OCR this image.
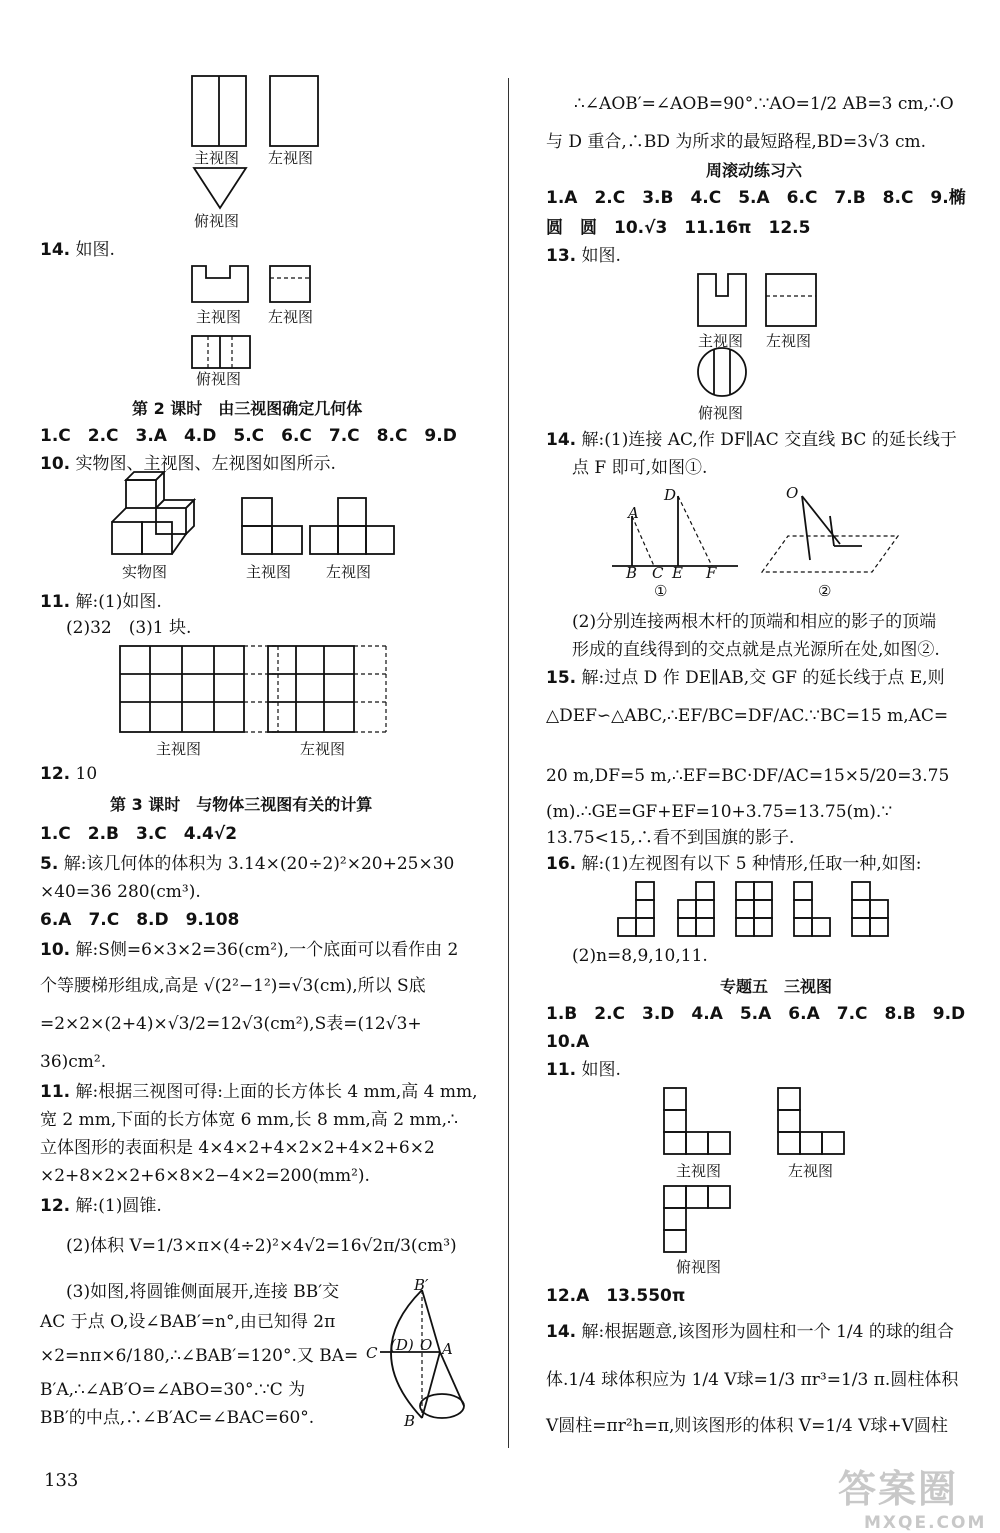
主视图 左视图
俯视图
14. 如图.
主视图 左视图
俯视图
第 2 课时　由三视图确定几何体
1.C　2.C　3.A　4.D　5.C　6.C　7.C　8.C　9.D
10. 实物图、主视图、左视图如图所示.
实物图	主视图 左视图
11. 解:(1)如图.
(2)32　(3)1 块.
主视图	左视图
12. 10
第 3 课时　与物体三视图有关的计算
1.C　2.B　3.C　4.4√2
5. 解:该几何体的体积为 3.14×(20÷2)²×20+25×30
×40=36 280(cm³).
6.A　7.C　8.D　9.108
10. 解:S侧=6×3×2=36(cm²),一个底面可以看作由 2
个等腰梯形组成,高是 √(2²−1²)=√3(cm),所以 S底
=2×2×(2+4)×√3/2=12√3(cm²),S表=(12√3+
36)cm².
11. 解:根据三视图可得:上面的长方体长 4 mm,高 4 mm,
宽 2 mm,下面的长方体宽 6 mm,长 8 mm,高 2 mm,∴
立体图形的表面积是 4×4×2+4×2×2+4×2+6×2
×2+8×2×2+6×8×2−4×2=200(mm²).
12. 解:(1)圆锥.
(2)体积 V=1/3×π×(4÷2)²×4√2=16√2π/3(cm³)
(3)如图,将圆锥侧面展开,连接 BB′交
AC 于点 O,设∠BAB′=n°,由已知得 2π
×2=nπ×6/180,∴∠BAB′=120°.又 BA=
B′A,∴∠AB′O=∠ABO=30°.∵C 为
BB′的中点,∴∠B′AC=∠BAC=60°.
B′
C (D) O A
B
∴∠AOB′=∠AOB=90°.∵AO=1/2 AB=3 cm,∴O
与 D 重合,∴BD 为所求的最短路程,BD=3√3 cm.
周滚动练习六
1.A　2.C　3.B　4.C　5.A　6.C　7.B　8.C　9.椭
圆　圆　10.√3　11.16π　12.5
13. 如图.
主视图 左视图
俯视图
14. 解:(1)连接 AC,作 DF∥AC 交直线 BC 的延长线于
点 F 即可,如图①.
D
A
B C E F
O
①	②
(2)分别连接两根木杆的顶端和相应的影子的顶端
形成的直线得到的交点就是点光源所在处,如图②.
15. 解:过点 D 作 DE∥AB,交 GF 的延长线于点 E,则
△DEF∽△ABC,∴EF/BC=DF/AC.∵BC=15 m,AC=
20 m,DF=5 m,∴EF=BC·DF/AC=15×5/20=3.75
(m).∴GE=GF+EF=10+3.75=13.75(m).∵
13.75<15,∴看不到国旗的影子.
16. 解:(1)左视图有以下 5 种情形,任取一种,如图:
(2)n=8,9,10,11.
专题五　三视图
1.B　2.C　3.D　4.A　5.A　6.A　7.C　8.B　9.D
10.A
11. 如图.
主视图	左视图
俯视图
12.A　13.550π
14. 解:根据题意,该图形为圆柱和一个 1/4 的球的组合
体.1/4 球体积应为 1/4 V球=1/3 πr³=1/3 π.圆柱体积
V圆柱=πr²h=π,则该图形的体积 V=1/4 V球+V圆柱
133	答案圈
MXQE.COM
